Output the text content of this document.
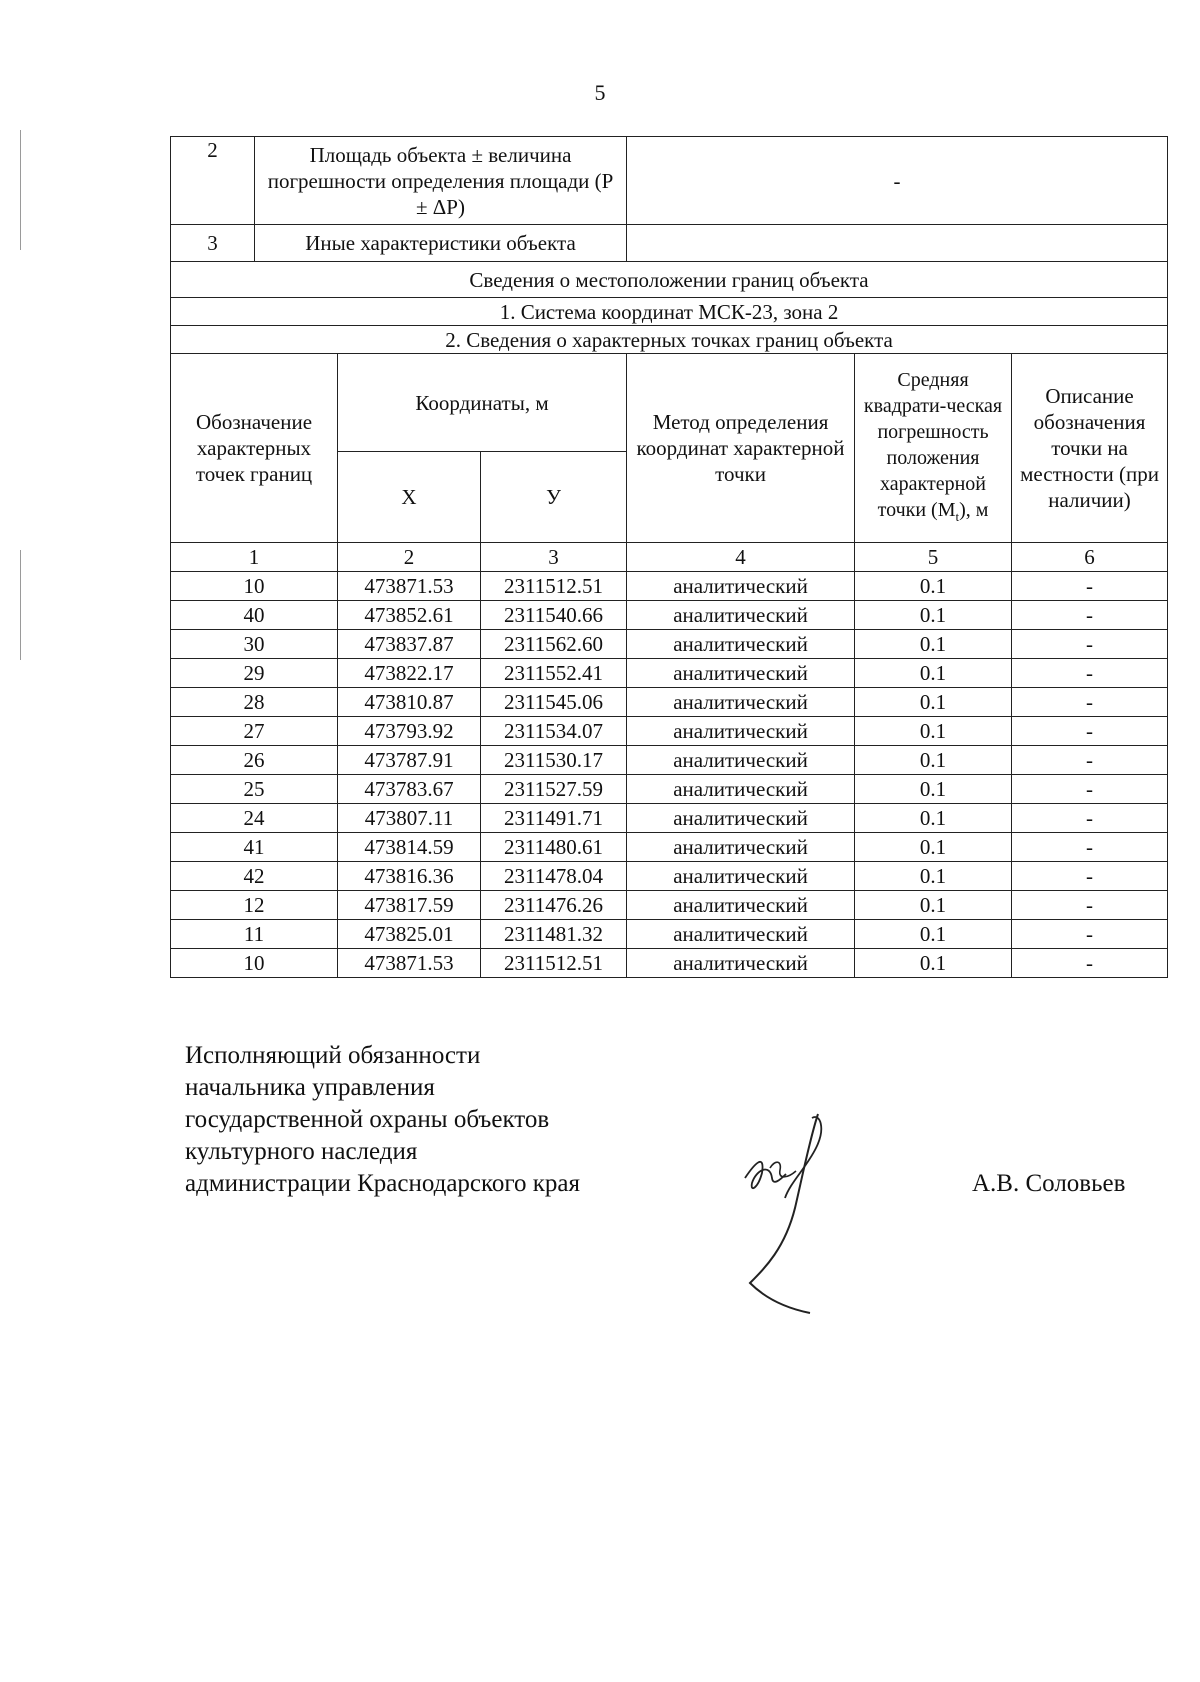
5
2	Площадь объекта ± величина погрешности определения площади (Р ± ΔР)			-		
3	Иные характеристики объекта					
Сведения о местоположении границ объекта						
1. Система координат МСК-23, зона 2						
2. Сведения о характерных точках границ объекта						
Обозначение характерных точек границ		Координаты, м		Метод определения координат характерной точки	Средняя квадрати-ческая погрешность положения характерной точки $(М_t)$, м	Описание обозначения точки на местности (при наличии)
		Х	У			
1		2	3	4	5	6
10		473871.53	2311512.51	аналитический	0.1	-
40		473852.61	2311540.66	аналитический	0.1	-
30		473837.87	2311562.60	аналитический	0.1	-
29		473822.17	2311552.41	аналитический	0.1	-
28		473810.87	2311545.06	аналитический	0.1	-
27		473793.92	2311534.07	аналитический	0.1	-
26		473787.91	2311530.17	аналитический	0.1	-
25		473783.67	2311527.59	аналитический	0.1	-
24		473807.11	2311491.71	аналитический	0.1	-
41		473814.59	2311480.61	аналитический	0.1	-
42		473816.36	2311478.04	аналитический	0.1	-
12		473817.59	2311476.26	аналитический	0.1	-
11		473825.01	2311481.32	аналитический	0.1	-
10		473871.53	2311512.51	аналитический	0.1	-
Исполняющий обязанности
начальника управления
государственной охраны объектов
культурного наследия
администрации Краснодарского края	А.В. Соловьев
